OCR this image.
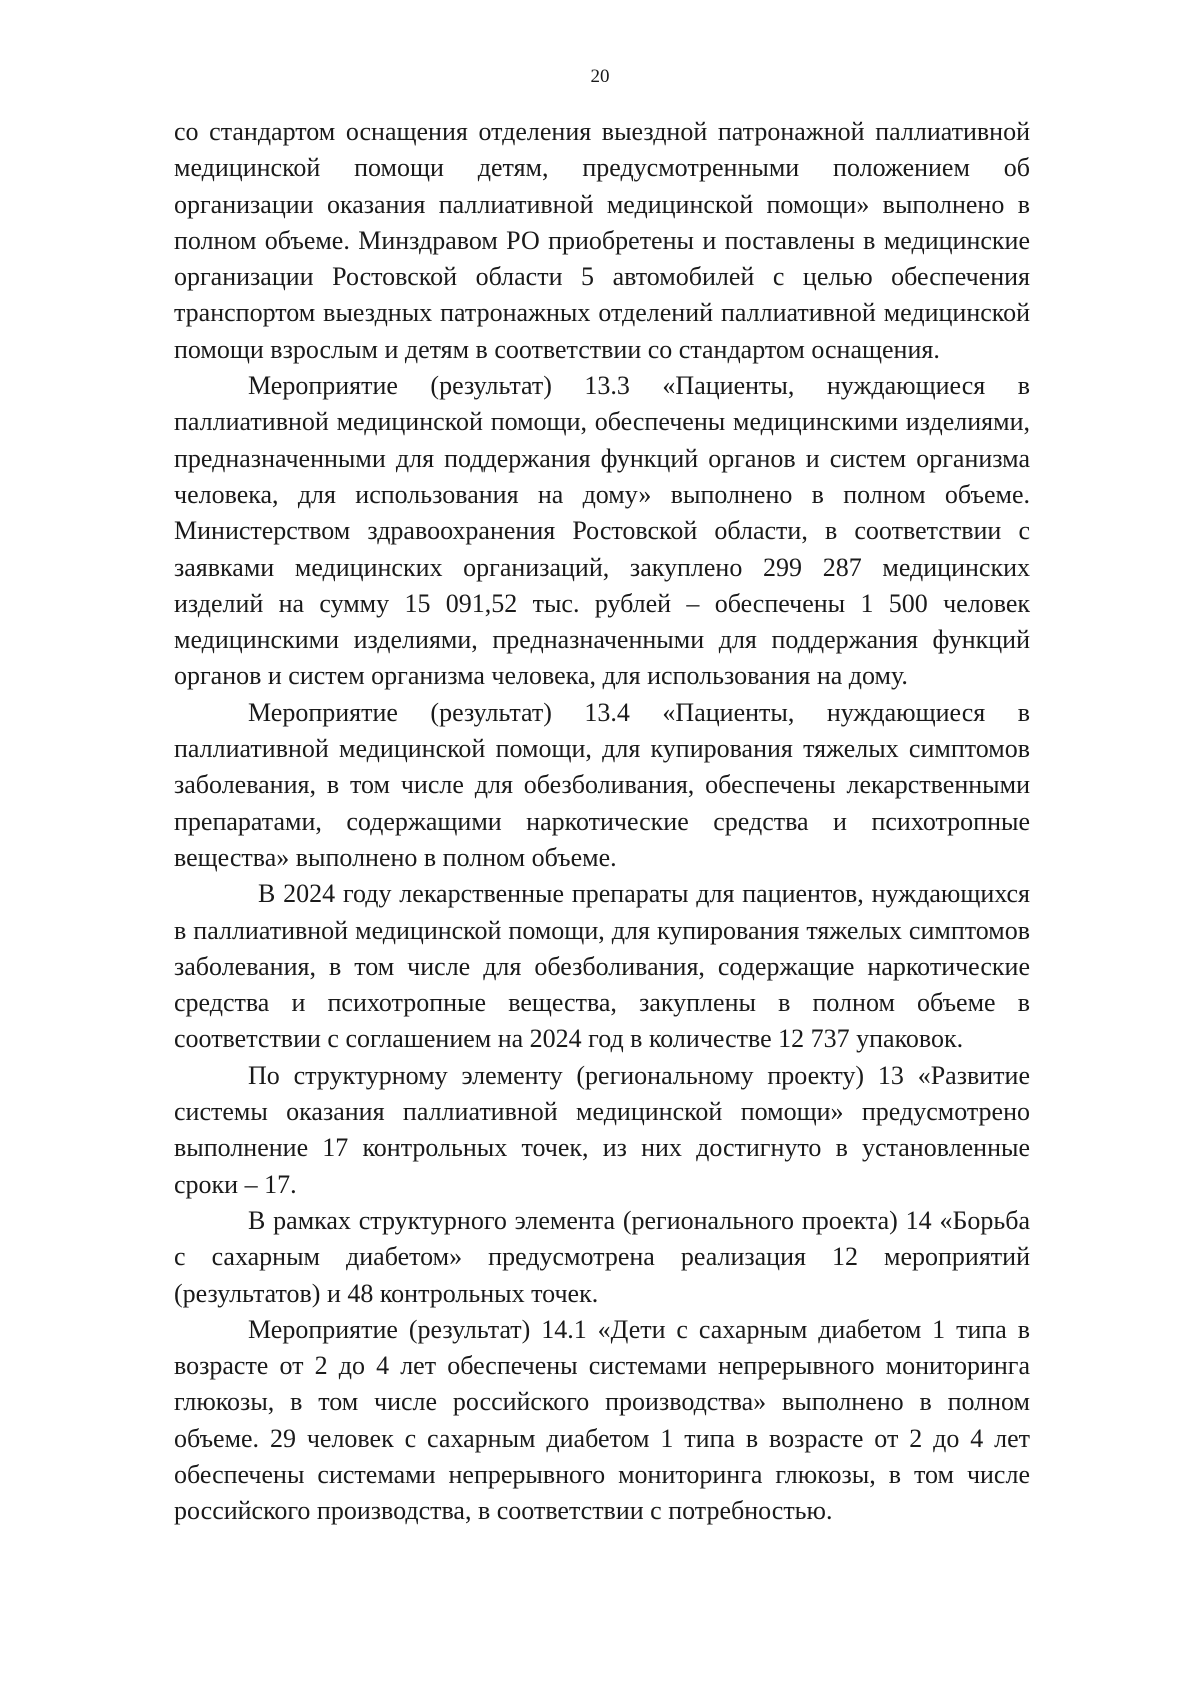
20

со стандартом оснащения отделения выездной патронажной паллиативной медицинской помощи детям, предусмотренными положением об организации оказания паллиативной медицинской помощи» выполнено в полном объеме. Минздравом РО приобретены и поставлены в медицинские организации Ростовской области 5 автомобилей с целью обеспечения транспортом выездных патронажных отделений паллиативной медицинской помощи взрослым и детям в соответствии со стандартом оснащения.

Мероприятие (результат) 13.3 «Пациенты, нуждающиеся в паллиативной медицинской помощи, обеспечены медицинскими изделиями, предназначенными для поддержания функций органов и систем организма человека, для использования на дому» выполнено в полном объеме. Министерством здравоохранения Ростовской области, в соответствии с заявками медицинских организаций, закуплено 299 287 медицинских изделий на сумму 15 091,52 тыс. рублей – обеспечены 1 500 человек медицинскими изделиями, предназначенными для поддержания функций органов и систем организма человека, для использования на дому.

Мероприятие (результат) 13.4 «Пациенты, нуждающиеся в паллиативной медицинской помощи, для купирования тяжелых симптомов заболевания, в том числе для обезболивания, обеспечены лекарственными препаратами, содержащими наркотические средства и психотропные вещества» выполнено в полном объеме.

В 2024 году лекарственные препараты для пациентов, нуждающихся в паллиативной медицинской помощи, для купирования тяжелых симптомов заболевания, в том числе для обезболивания, содержащие наркотические средства и психотропные вещества, закуплены в полном объеме в соответствии с соглашением на 2024 год в количестве 12 737 упаковок.

По структурному элементу (региональному проекту) 13 «Развитие системы оказания паллиативной медицинской помощи» предусмотрено выполнение 17 контрольных точек, из них достигнуто в установленные сроки – 17.

В рамках структурного элемента (регионального проекта) 14 «Борьба с сахарным диабетом» предусмотрена реализация 12 мероприятий (результатов) и 48 контрольных точек.

Мероприятие (результат) 14.1 «Дети с сахарным диабетом 1 типа в возрасте от 2 до 4 лет обеспечены системами непрерывного мониторинга глюкозы, в том числе российского производства» выполнено в полном объеме. 29 человек с сахарным диабетом 1 типа в возрасте от 2 до 4 лет обеспечены системами непрерывного мониторинга глюкозы, в том числе российского производства, в соответствии с потребностью.
